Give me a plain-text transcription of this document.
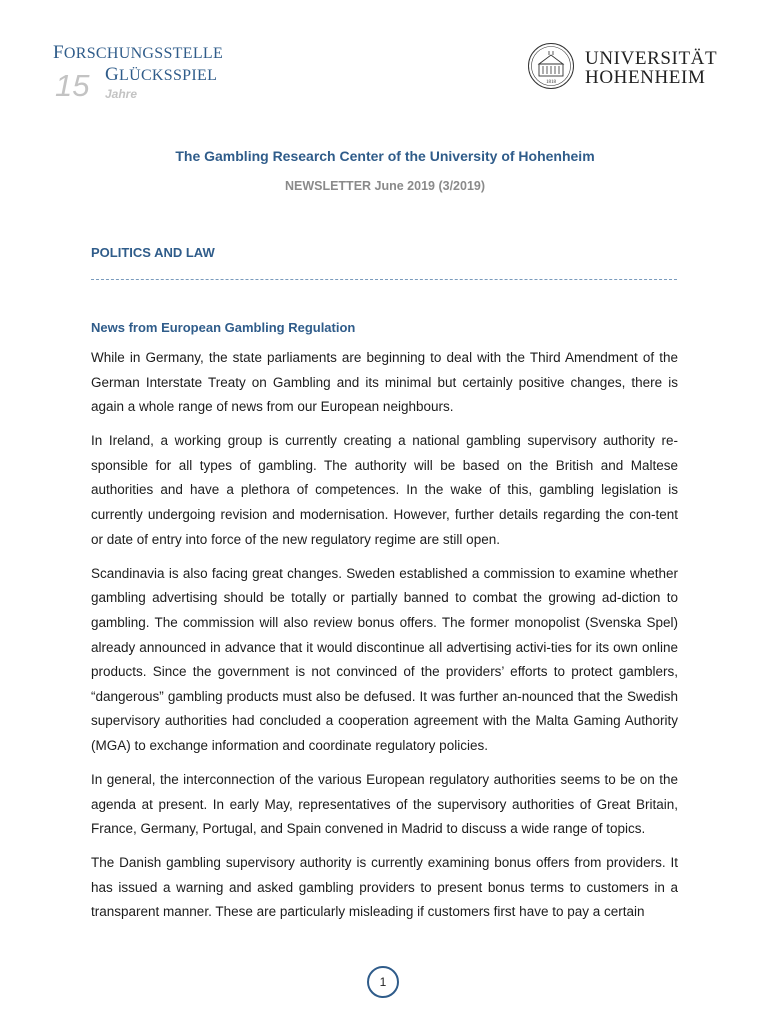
FORSCHUNGSSTELLE
GLÜCKSSPIEL
15 Jahre
1818
UNIVERSITÄT
HOHENHEIM
The Gambling Research Center of the University of Hohenheim
NEWSLETTER June 2019 (3/2019)
POLITICS AND LAW
News from European Gambling Regulation

While in Germany, the state parliaments are beginning to deal with the Third Amendment of the German Interstate Treaty on Gambling and its minimal but certainly positive changes, there is again a whole range of news from our European neighbours.

In Ireland, a working group is currently creating a national gambling supervisory authority re-sponsible for all types of gambling. The authority will be based on the British and Maltese authorities and have a plethora of competences. In the wake of this, gambling legislation is currently undergoing revision and modernisation. However, further details regarding the con-tent or date of entry into force of the new regulatory regime are still open.

Scandinavia is also facing great changes. Sweden established a commission to examine whether gambling advertising should be totally or partially banned to combat the growing ad-diction to gambling. The commission will also review bonus offers. The former monopolist (Svenska Spel) already announced in advance that it would discontinue all advertising activi-ties for its own online products. Since the government is not convinced of the providers’ efforts to protect gamblers, “dangerous” gambling products must also be defused. It was further an-nounced that the Swedish supervisory authorities had concluded a cooperation agreement with the Malta Gaming Authority (MGA) to exchange information and coordinate regulatory policies.

In general, the interconnection of the various European regulatory authorities seems to be on the agenda at present. In early May, representatives of the supervisory authorities of Great Britain, France, Germany, Portugal, and Spain convened in Madrid to discuss a wide range of topics.

The Danish gambling supervisory authority is currently examining bonus offers from providers. It has issued a warning and asked gambling providers to present bonus terms to customers in a transparent manner. These are particularly misleading if customers first have to pay a certain

1
